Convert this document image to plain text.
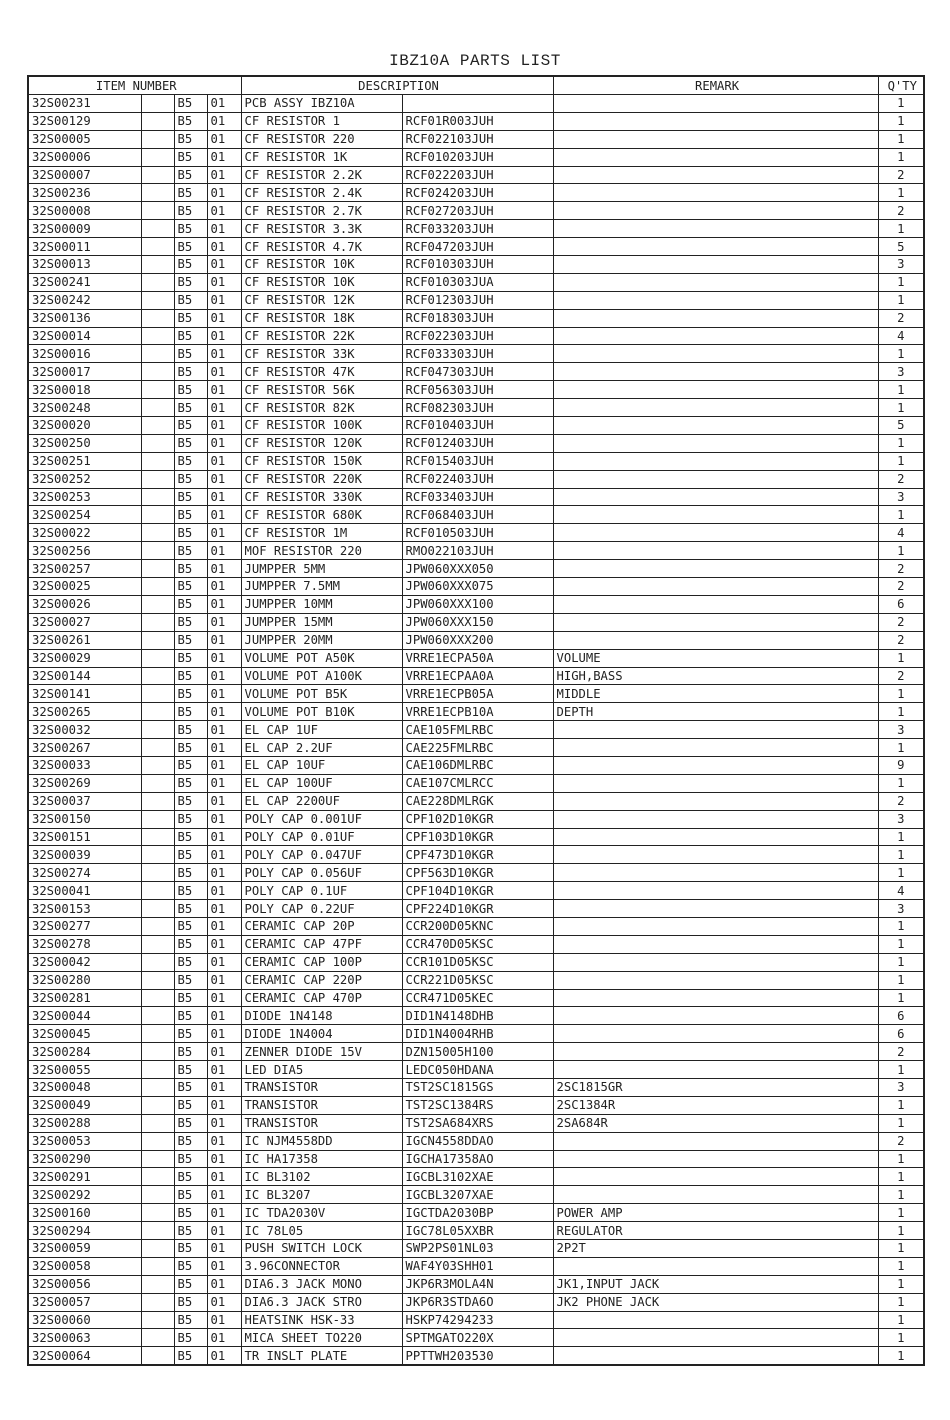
IBZ10A PARTS LIST
ITEM NUMBER				DESCRIPTION		REMARK	Q'TY
32S00231		B5	01	PCB ASSY IBZ10A			1
32S00129		B5	01	CF RESISTOR 1	RCF01R003JUH		1
32S00005		B5	01	CF RESISTOR 220	RCF022103JUH		1
32S00006		B5	01	CF RESISTOR 1K	RCF010203JUH		1
32S00007		B5	01	CF RESISTOR 2.2K	RCF022203JUH		2
32S00236		B5	01	CF RESISTOR 2.4K	RCF024203JUH		1
32S00008		B5	01	CF RESISTOR 2.7K	RCF027203JUH		2
32S00009		B5	01	CF RESISTOR 3.3K	RCF033203JUH		1
32S00011		B5	01	CF RESISTOR 4.7K	RCF047203JUH		5
32S00013		B5	01	CF RESISTOR 10K	RCF010303JUH		3
32S00241		B5	01	CF RESISTOR 10K	RCF010303JUA		1
32S00242		B5	01	CF RESISTOR 12K	RCF012303JUH		1
32S00136		B5	01	CF RESISTOR 18K	RCF018303JUH		2
32S00014		B5	01	CF RESISTOR 22K	RCF022303JUH		4
32S00016		B5	01	CF RESISTOR 33K	RCF033303JUH		1
32S00017		B5	01	CF RESISTOR 47K	RCF047303JUH		3
32S00018		B5	01	CF RESISTOR 56K	RCF056303JUH		1
32S00248		B5	01	CF RESISTOR 82K	RCF082303JUH		1
32S00020		B5	01	CF RESISTOR 100K	RCF010403JUH		5
32S00250		B5	01	CF RESISTOR 120K	RCF012403JUH		1
32S00251		B5	01	CF RESISTOR 150K	RCF015403JUH		1
32S00252		B5	01	CF RESISTOR 220K	RCF022403JUH		2
32S00253		B5	01	CF RESISTOR 330K	RCF033403JUH		3
32S00254		B5	01	CF RESISTOR 680K	RCF068403JUH		1
32S00022		B5	01	CF RESISTOR 1M	RCF010503JUH		4
32S00256		B5	01	MOF RESISTOR 220	RMO022103JUH		1
32S00257		B5	01	JUMPPER 5MM	JPW060XXX050		2
32S00025		B5	01	JUMPPER 7.5MM	JPW060XXX075		2
32S00026		B5	01	JUMPPER 10MM	JPW060XXX100		6
32S00027		B5	01	JUMPPER 15MM	JPW060XXX150		2
32S00261		B5	01	JUMPPER 20MM	JPW060XXX200		2
32S00029		B5	01	VOLUME POT A50K	VRRE1ECPA50A	VOLUME	1
32S00144		B5	01	VOLUME POT A100K	VRRE1ECPAA0A	HIGH,BASS	2
32S00141		B5	01	VOLUME POT B5K	VRRE1ECPB05A	MIDDLE	1
32S00265		B5	01	VOLUME POT B10K	VRRE1ECPB10A	DEPTH	1
32S00032		B5	01	EL CAP 1UF	CAE105FMLRBC		3
32S00267		B5	01	EL CAP 2.2UF	CAE225FMLRBC		1
32S00033		B5	01	EL CAP 10UF	CAE106DMLRBC		9
32S00269		B5	01	EL CAP 100UF	CAE107CMLRCC		1
32S00037		B5	01	EL CAP 2200UF	CAE228DMLRGK		2
32S00150		B5	01	POLY CAP 0.001UF	CPF102D10KGR		3
32S00151		B5	01	POLY CAP 0.01UF	CPF103D10KGR		1
32S00039		B5	01	POLY CAP 0.047UF	CPF473D10KGR		1
32S00274		B5	01	POLY CAP 0.056UF	CPF563D10KGR		1
32S00041		B5	01	POLY CAP 0.1UF	CPF104D10KGR		4
32S00153		B5	01	POLY CAP 0.22UF	CPF224D10KGR		3
32S00277		B5	01	CERAMIC CAP 20P	CCR200D05KNC		1
32S00278		B5	01	CERAMIC CAP 47PF	CCR470D05KSC		1
32S00042		B5	01	CERAMIC CAP 100P	CCR101D05KSC		1
32S00280		B5	01	CERAMIC CAP 220P	CCR221D05KSC		1
32S00281		B5	01	CERAMIC CAP 470P	CCR471D05KEC		1
32S00044		B5	01	DIODE 1N4148	DID1N4148DHB		6
32S00045		B5	01	DIODE 1N4004	DID1N4004RHB		6
32S00284		B5	01	ZENNER DIODE 15V	DZN15005H100		2
32S00055		B5	01	LED DIA5	LEDC050HDANA		1
32S00048		B5	01	TRANSISTOR	TST2SC1815GS	2SC1815GR	3
32S00049		B5	01	TRANSISTOR	TST2SC1384RS	2SC1384R	1
32S00288		B5	01	TRANSISTOR	TST2SA684XRS	2SA684R	1
32S00053		B5	01	IC NJM4558DD	IGCN4558DDAO		2
32S00290		B5	01	IC HA17358	IGCHA17358AO		1
32S00291		B5	01	IC BL3102	IGCBL3102XAE		1
32S00292		B5	01	IC BL3207	IGCBL3207XAE		1
32S00160		B5	01	IC TDA2030V	IGCTDA2030BP	POWER AMP	1
32S00294		B5	01	IC 78L05	IGC78L05XXBR	REGULATOR	1
32S00059		B5	01	PUSH SWITCH LOCK	SWP2PS01NL03	2P2T	1
32S00058		B5	01	3.96CONNECTOR	WAF4Y03SHH01		1
32S00056		B5	01	DIA6.3 JACK MONO	JKP6R3MOLA4N	JK1,INPUT JACK	1
32S00057		B5	01	DIA6.3 JACK STRO	JKP6R3STDA6O	JK2 PHONE JACK	1
32S00060		B5	01	HEATSINK HSK-33	HSKP74294233		1
32S00063		B5	01	MICA SHEET TO220	SPTMGATO220X		1
32S00064		B5	01	TR INSLT PLATE	PPTTWH203530		1
